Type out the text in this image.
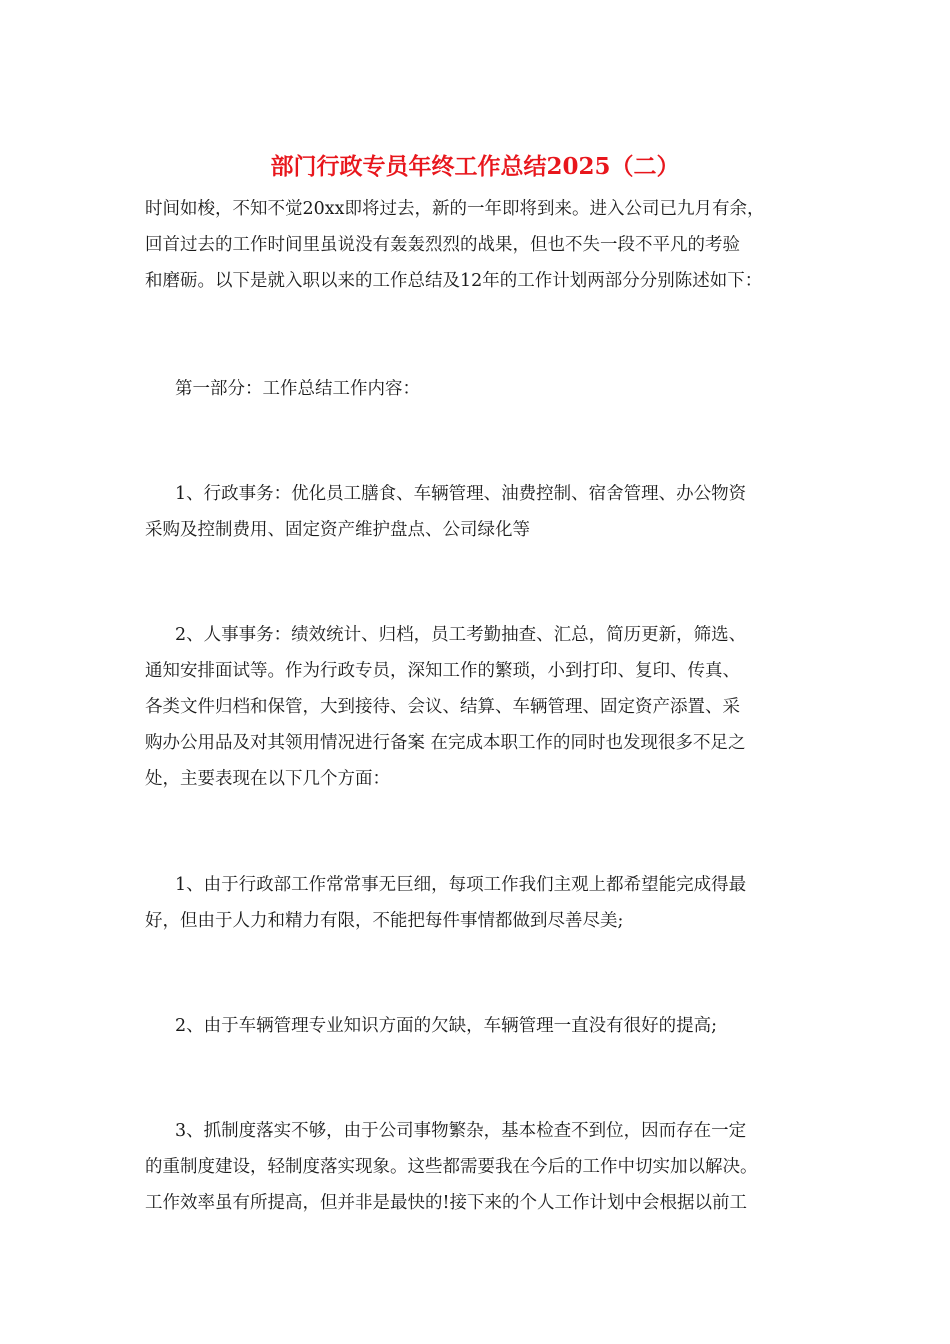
部门行政专员年终工作总结2025（二）
时间如梭，不知不觉20xx即将过去，新的一年即将到来。进入公司已九月有余，
回首过去的工作时间里虽说没有轰轰烈烈的战果，但也不失一段不平凡的考验
和磨砺。以下是就入职以来的工作总结及12年的工作计划两部分分别陈述如下：
第一部分：工作总结工作内容：
1、行政事务：优化员工膳食、车辆管理、油费控制、宿舍管理、办公物资
采购及控制费用、固定资产维护盘点、公司绿化等
2、人事事务：绩效统计、归档，员工考勤抽查、汇总，简历更新，筛选、
通知安排面试等。作为行政专员，深知工作的繁琐，小到打印、复印、传真、
各类文件归档和保管，大到接待、会议、结算、车辆管理、固定资产添置、采
购办公用品及对其领用情况进行备案 在完成本职工作的同时也发现很多不足之
处，主要表现在以下几个方面：
1、由于行政部工作常常事无巨细，每项工作我们主观上都希望能完成得最
好，但由于人力和精力有限，不能把每件事情都做到尽善尽美;
2、由于车辆管理专业知识方面的欠缺，车辆管理一直没有很好的提高;
3、抓制度落实不够，由于公司事物繁杂，基本检查不到位，因而存在一定
的重制度建设，轻制度落实现象。这些都需要我在今后的工作中切实加以解决。
工作效率虽有所提高，但并非是最快的!接下来的个人工作计划中会根据以前工
